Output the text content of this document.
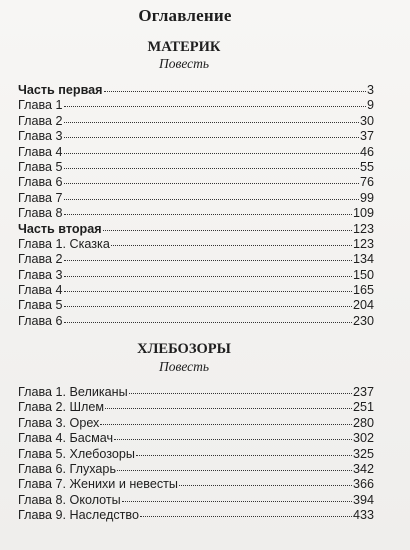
Оглавление
МАТЕРИК
Повесть
Часть первая	3
Глава 1	9
Глава 2	30
Глава 3	37
Глава 4	46
Глава 5	55
Глава 6	76
Глава 7	99
Глава 8	109
Часть вторая	123
Глава 1. Сказка	123
Глава 2	134
Глава 3	150
Глава 4	165
Глава 5	204
Глава 6	230
ХЛЕБОЗОРЫ
Повесть
Глава 1. Великаны	237
Глава 2. Шлем	251
Глава 3. Орех	280
Глава 4. Басмач	302
Глава 5. Хлебозоры	325
Глава 6. Глухарь	342
Глава 7. Женихи и невесты	366
Глава 8. Околоты	394
Глава 9. Наследство	433
